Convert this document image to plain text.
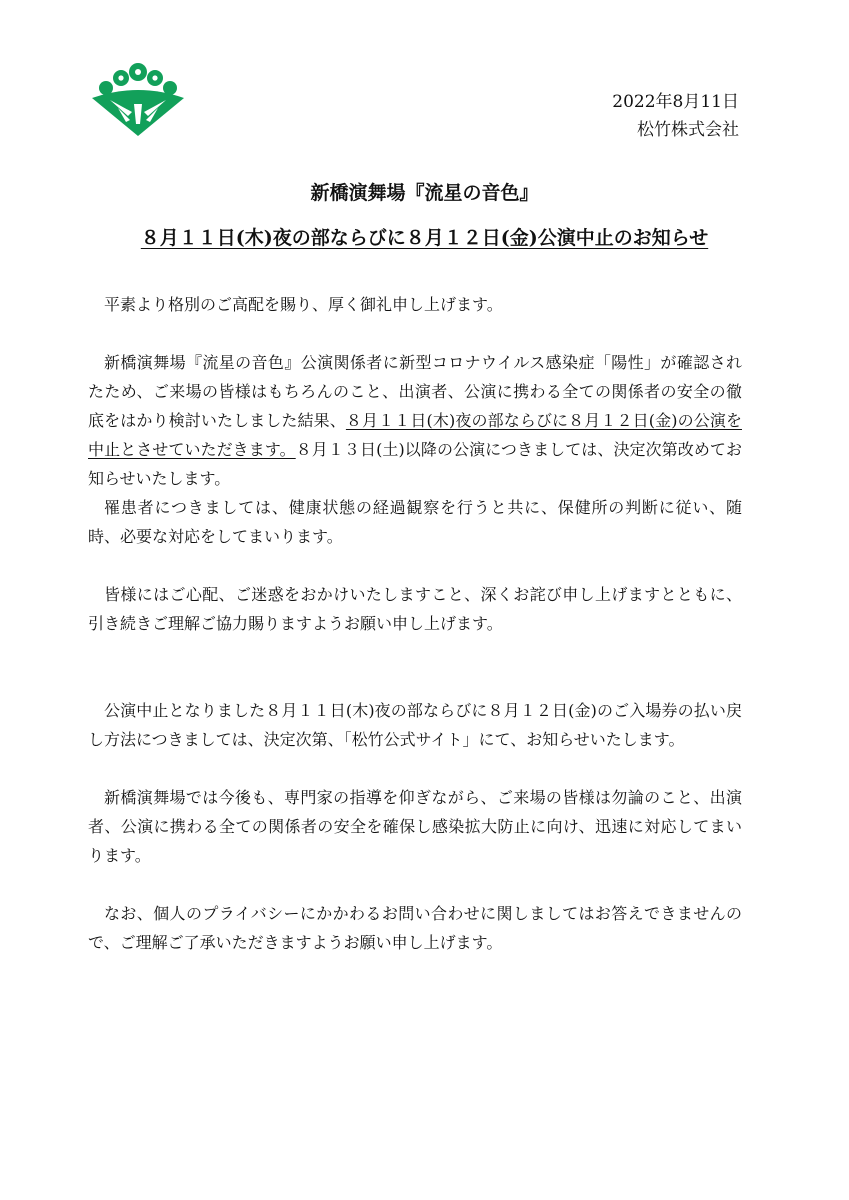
2022年8月11日
松竹株式会社
新橋演舞場『流星の音色』
８月１１日(木)夜の部ならびに８月１２日(金)公演中止のお知らせ

平素より格別のご高配を賜り、厚く御礼申し上げます。

新橋演舞場『流星の音色』公演関係者に新型コロナウイルス感染症「陽性」が確認されたため、ご来場の皆様はもちろんのこと、出演者、公演に携わる全ての関係者の安全の徹底をはかり検討いたしました結果、８月１１日(木)夜の部ならびに８月１２日(金)の公演を中止とさせていただきます。８月１３日(土)以降の公演につきましては、決定次第改めてお知らせいたします。

罹患者につきましては、健康状態の経過観察を行うと共に、保健所の判断に従い、随時、必要な対応をしてまいります。

皆様にはご心配、ご迷惑をおかけいたしますこと、深くお詫び申し上げますとともに、引き続きご理解ご協力賜りますようお願い申し上げます。

公演中止となりました８月１１日(木)夜の部ならびに８月１２日(金)のご入場券の払い戻し方法につきましては、決定次第、「松竹公式サイト」にて、お知らせいたします。

新橋演舞場では今後も、専門家の指導を仰ぎながら、ご来場の皆様は勿論のこと、出演者、公演に携わる全ての関係者の安全を確保し感染拡大防止に向け、迅速に対応してまいります。

なお、個人のプライバシーにかかわるお問い合わせに関しましてはお答えできませんので、ご理解ご了承いただきますようお願い申し上げます。
